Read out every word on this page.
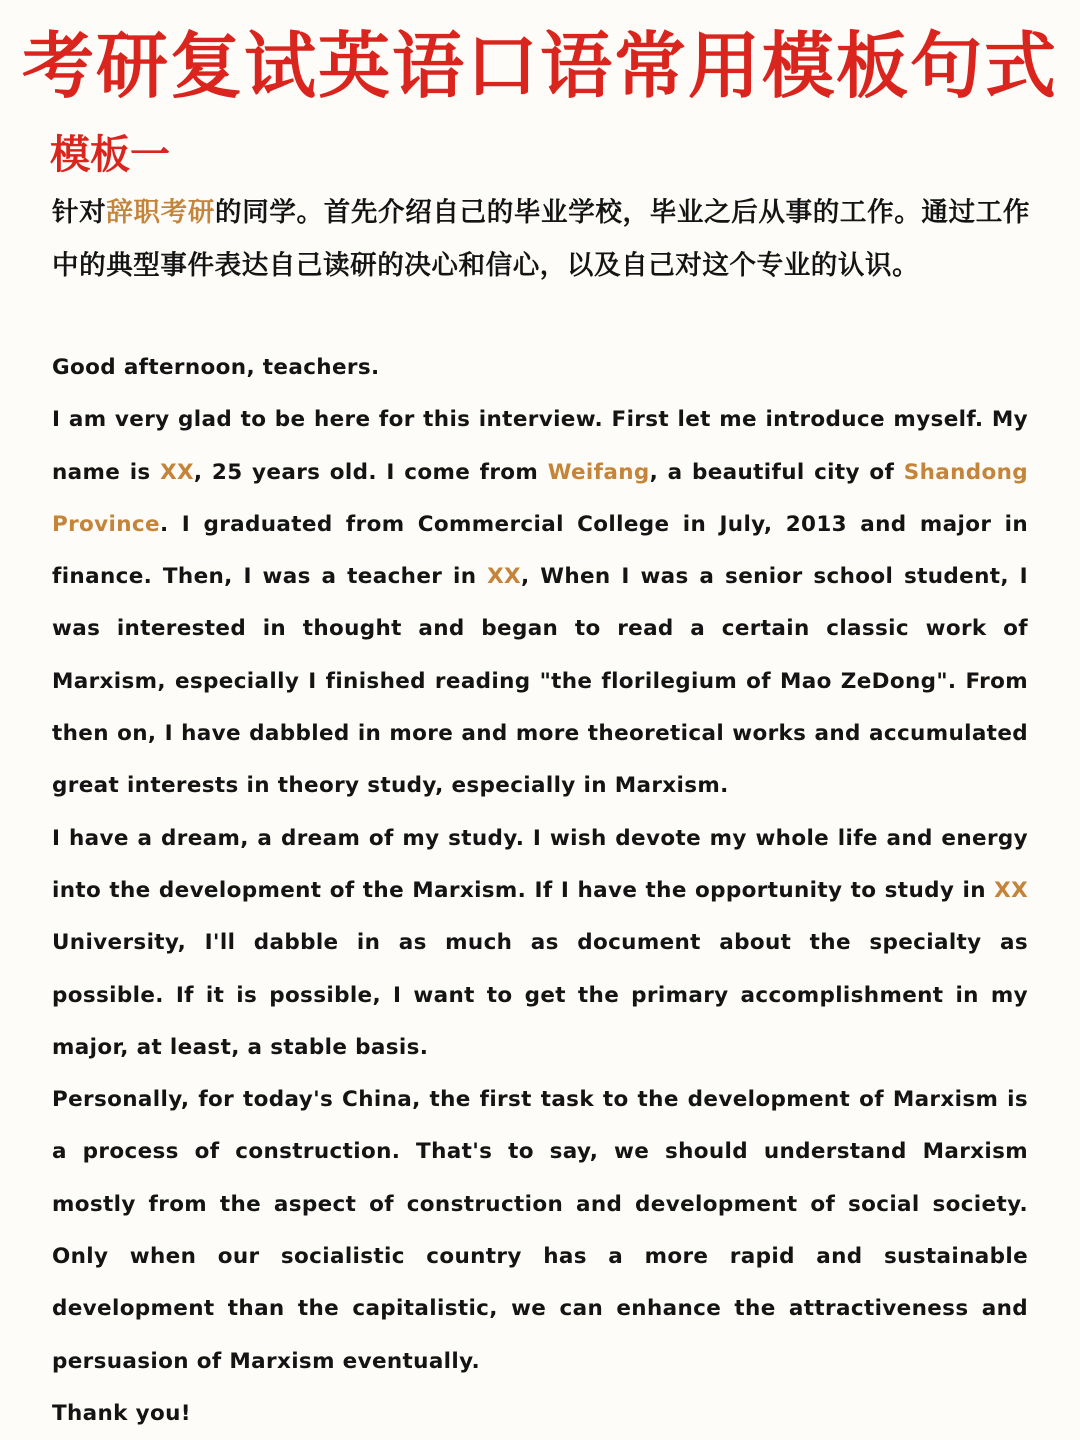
考研复试英语口语常用模板句式
模板一
针对辞职考研的同学。首先介绍自己的毕业学校，毕业之后从事的工作。通过工作中的典型事件表达自己读研的决心和信心，以及自己对这个专业的认识。

Good afternoon, teachers.

I am very glad to be here for this interview. First let me introduce myself. My name is XX, 25 years old. I come from Weifang, a beautiful city of Shandong Province. I graduated from Commercial College in July, 2013 and major in finance. Then, I was a teacher in XX, When I was a senior school student, I was interested in thought and began to read a certain classic work of Marxism, especially I finished reading "the florilegium of Mao ZeDong". From then on, I have dabbled in more and more theoretical works and accumulated great interests in theory study, especially in Marxism.

I have a dream, a dream of my study. I wish devote my whole life and energy into the development of the Marxism. If I have the opportunity to study in XX University, I'll dabble in as much as document about the specialty as possible. If it is possible, I want to get the primary accomplishment in my major, at least, a stable basis.

Personally, for today's China, the first task to the development of Marxism is a process of construction. That's to say, we should understand Marxism mostly from the aspect of construction and development of social society. Only when our socialistic country has a more rapid and sustainable development than the capitalistic, we can enhance the attractiveness and persuasion of Marxism eventually.

Thank you!
